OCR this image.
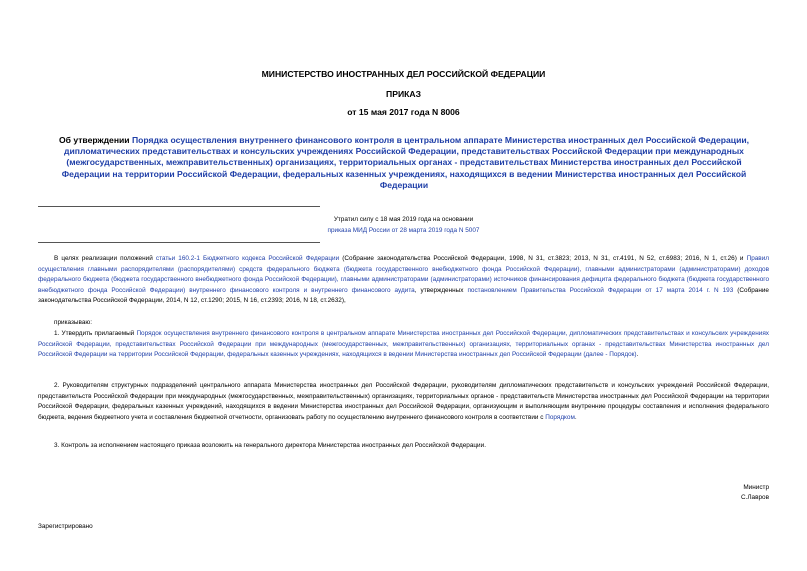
МИНИСТЕРСТВО ИНОСТРАННЫХ ДЕЛ РОССИЙСКОЙ ФЕДЕРАЦИИ
ПРИКАЗ
от 15 мая 2017 года N 8006
Об утверждении Порядка осуществления внутреннего финансового контроля в центральном аппарате Министерства иностранных дел Российской Федерации, дипломатических представительствах и консульских учреждениях Российской Федерации, представительствах Российской Федерации при международных (межгосударственных, межправительственных) организациях, территориальных органах - представительствах Министерства иностранных дел Российской Федерации на территории Российской Федерации, федеральных казенных учреждениях, находящихся в ведении Министерства иностранных дел Российской Федерации
Утратил силу с 18 мая 2019 года на основании
приказа МИД России от 28 марта 2019 года N 5007
В целях реализации положений статьи 160.2-1 Бюджетного кодекса Российской Федерации (Собрание законодательства Российской Федерации, 1998, N 31, ст.3823; 2013, N 31, ст.4191, N 52, ст.6983; 2016, N 1, ст.26) и Правил осуществления главными распорядителями (распорядителями) средств федерального бюджета (бюджета государственного внебюджетного фонда Российской Федерации), главными администраторами (администраторами) доходов федерального бюджета (бюджета государственного внебюджетного фонда Российской Федерации), главными администраторами (администраторами) источников финансирования дефицита федерального бюджета (бюджета государственного внебюджетного фонда Российской Федерации) внутреннего финансового контроля и внутреннего финансового аудита, утвержденных постановлением Правительства Российской Федерации от 17 марта 2014 г. N 193 (Собрание законодательства Российской Федерации, 2014, N 12, ст.1290; 2015, N 16, ст.2393; 2016, N 18, ст.2632),
приказываю:
1. Утвердить прилагаемый Порядок осуществления внутреннего финансового контроля в центральном аппарате Министерства иностранных дел Российской Федерации, дипломатических представительствах и консульских учреждениях Российской Федерации, представительствах Российской Федерации при международных (межгосударственных, межправительственных) организациях, территориальных органах - представительствах Министерства иностранных дел Российской Федерации на территории Российской Федерации, федеральных казенных учреждениях, находящихся в ведении Министерства иностранных дел Российской Федерации (далее - Порядок).
2. Руководителям структурных подразделений центрального аппарата Министерства иностранных дел Российской Федерации, руководителям дипломатических представительств и консульских учреждений Российской Федерации, представительств Российской Федерации при международных (межгосударственных, межправительственных) организациях, территориальных органов - представительств Министерства иностранных дел Российской Федерации на территории Российской Федерации, федеральных казенных учреждений, находящихся в ведении Министерства иностранных дел Российской Федерации, организующим и выполняющим внутренние процедуры составления и исполнения федерального бюджета, ведения бюджетного учета и составления бюджетной отчетности, организовать работу по осуществлению внутреннего финансового контроля в соответствии с Порядком.
3. Контроль за исполнением настоящего приказа возложить на генерального директора Министерства иностранных дел Российской Федерации.
Министр
С.Лавров
Зарегистрировано
